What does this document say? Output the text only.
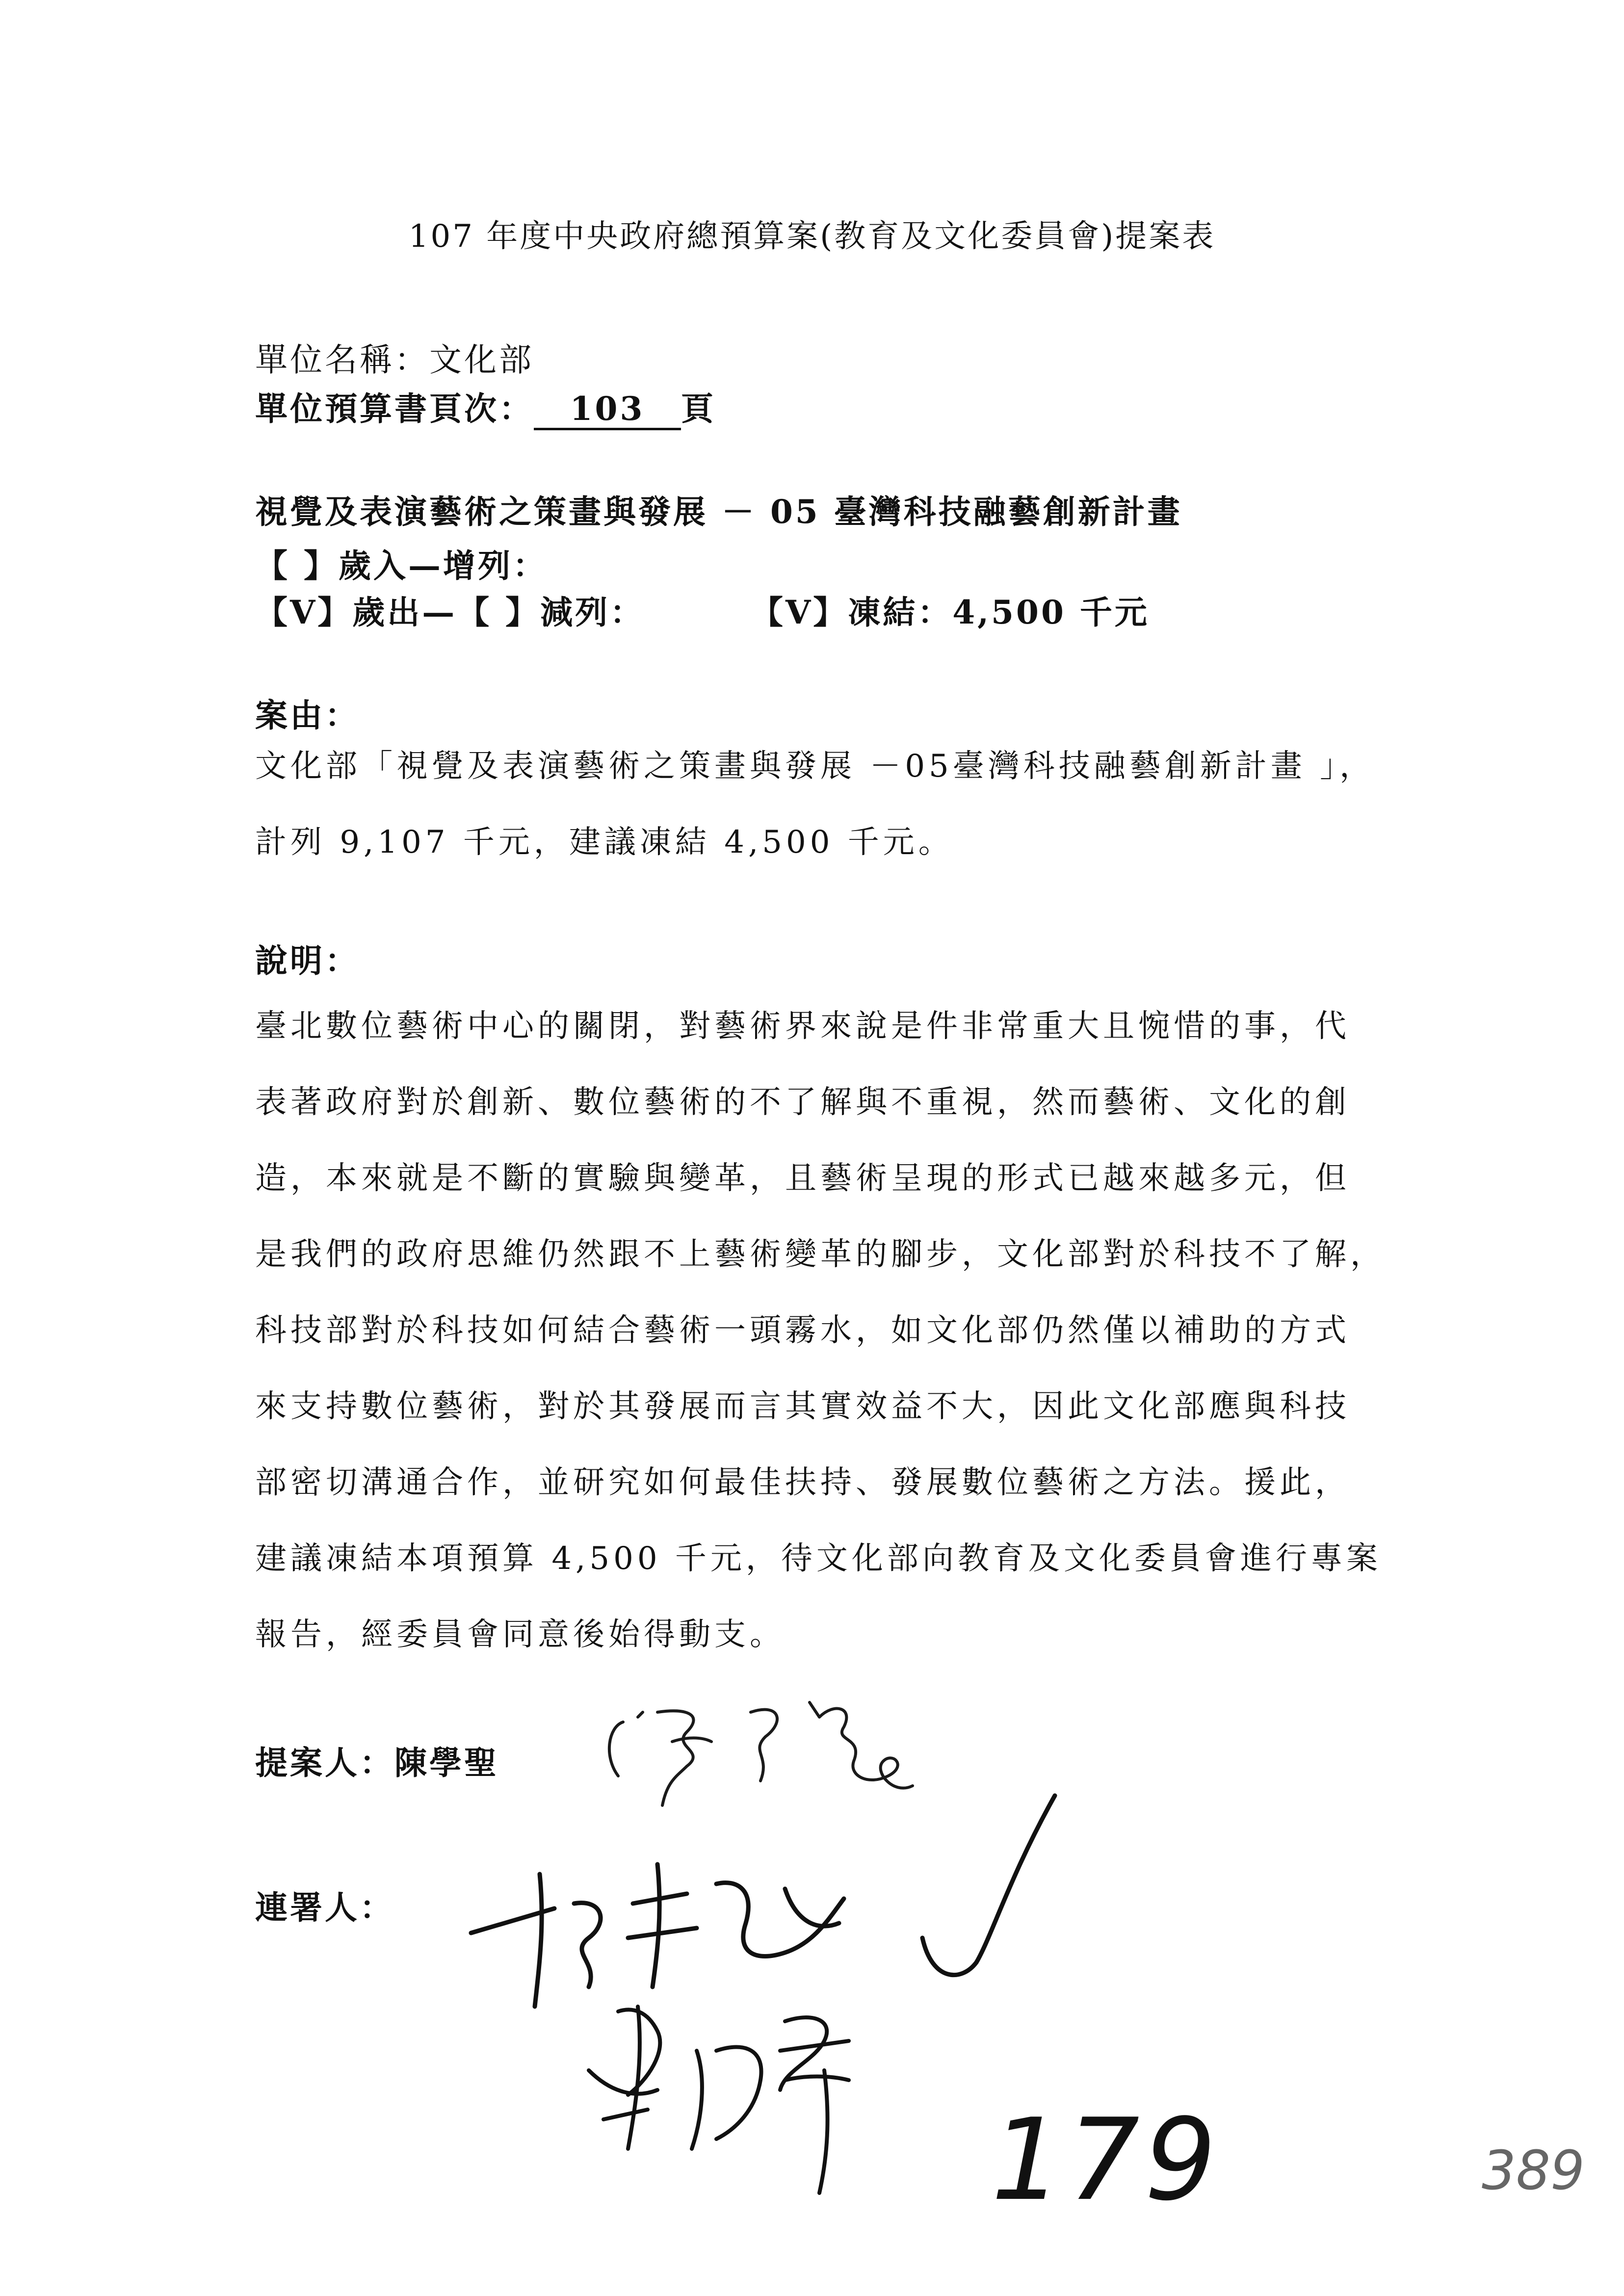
107 年度中央政府總預算案(教育及文化委員會)提案表
單位名稱：文化部
單位預算書頁次： 103 頁
視覺及表演藝術之策畫與發展 － 05 臺灣科技融藝創新計畫
【 】歲入—增列：
【V】歲出—【 】減列：	【V】凍結：4,500 千元
案由：
文化部「視覺及表演藝術之策畫與發展 －05臺灣科技融藝創新計畫 」，
計列 9,107 千元，建議凍結 4,500 千元。
說明：
臺北數位藝術中心的關閉，對藝術界來說是件非常重大且惋惜的事，代
表著政府對於創新、數位藝術的不了解與不重視，然而藝術、文化的創
造，本來就是不斷的實驗與變革，且藝術呈現的形式已越來越多元，但
是我們的政府思維仍然跟不上藝術變革的腳步，文化部對於科技不了解，
科技部對於科技如何結合藝術一頭霧水，如文化部仍然僅以補助的方式
來支持數位藝術，對於其發展而言其實效益不大，因此文化部應與科技
部密切溝通合作，並研究如何最佳扶持、發展數位藝術之方法。援此，
建議凍結本項預算 4,500 千元，待文化部向教育及文化委員會進行專案
報告，經委員會同意後始得動支。
提案人：陳學聖
連署人：
179	389
